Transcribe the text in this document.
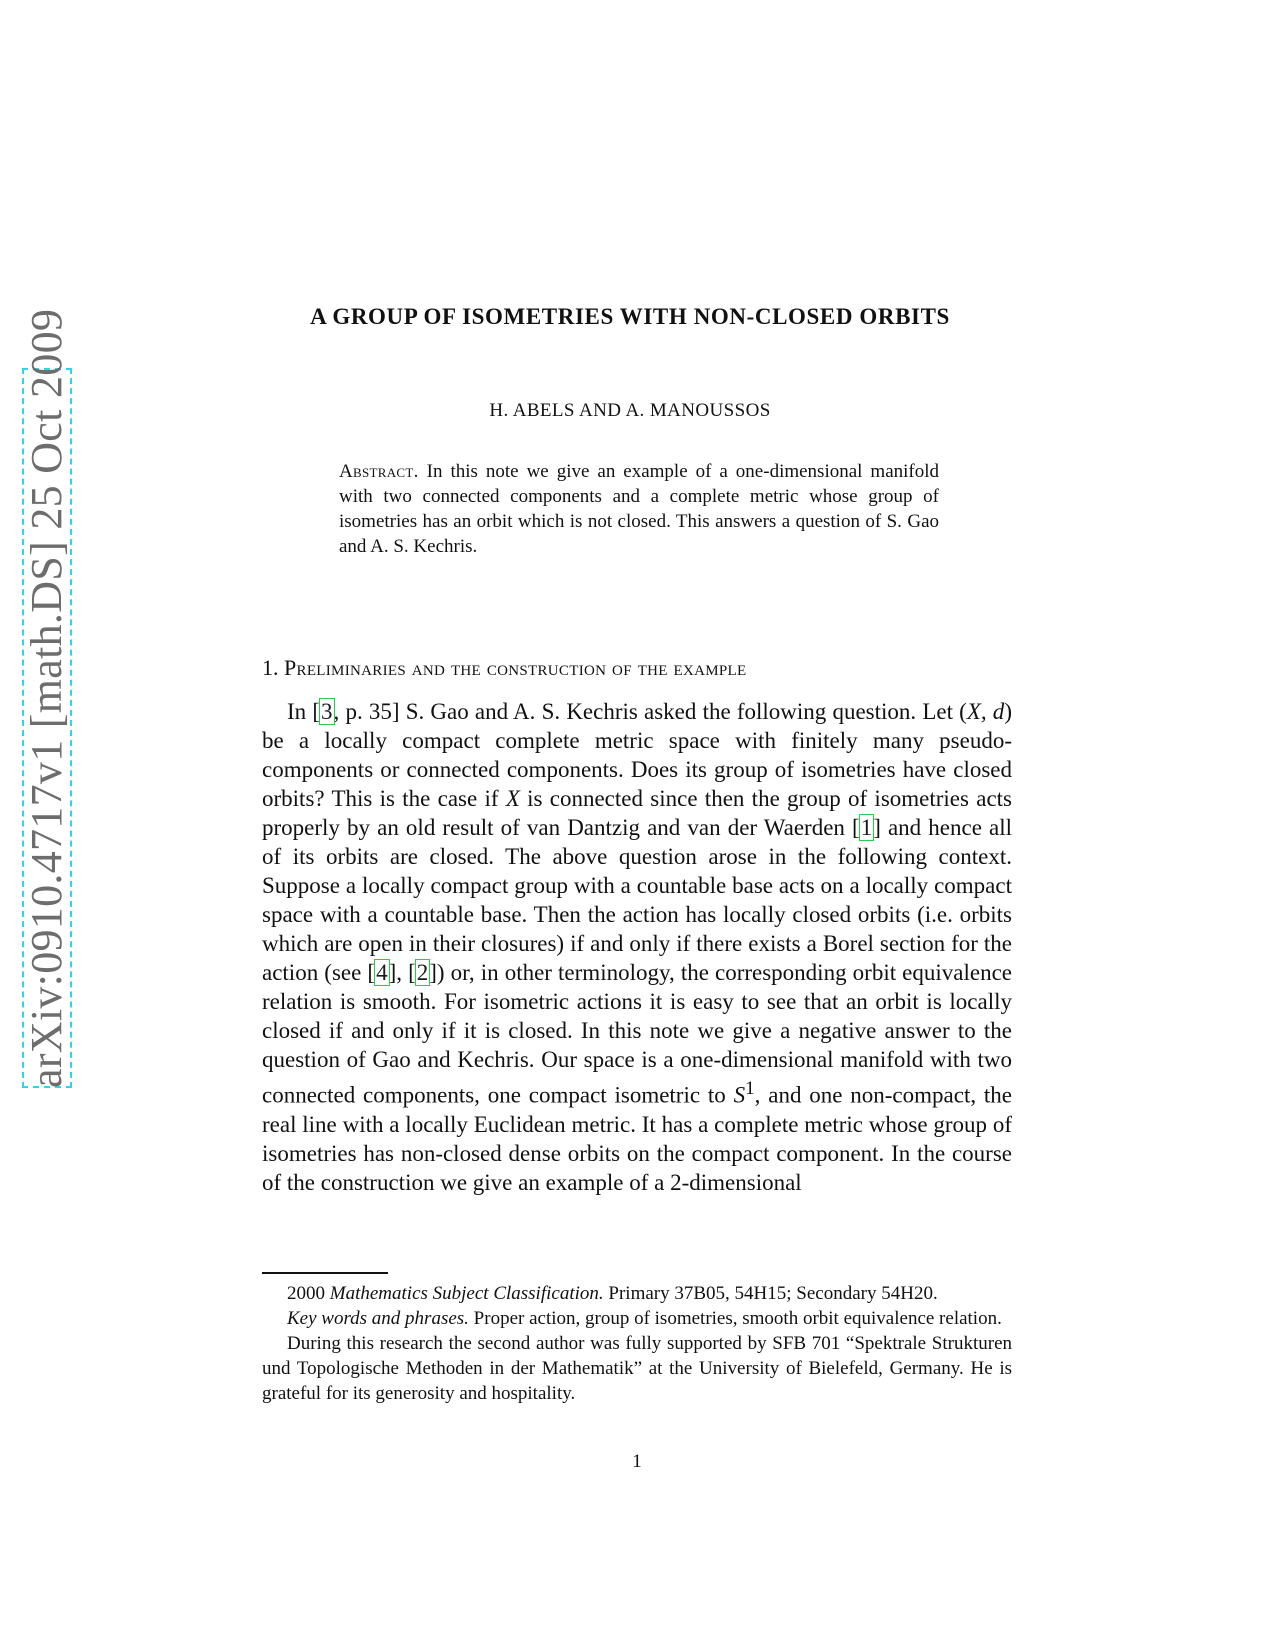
arXiv:0910.4717v1 [math.DS] 25 Oct 2009	A GROUP OF ISOMETRIES WITH NON-CLOSED ORBITS
H. ABELS AND A. MANOUSSOS
Abstract. In this note we give an example of a one-dimensional manifold with two connected components and a complete metric whose group of isometries has an orbit which is not closed. This answers a question of S. Gao and A. S. Kechris.
1. Preliminaries and the construction of the example
In [3, p. 35] S. Gao and A. S. Kechris asked the following question. Let (X, d) be a locally compact complete metric space with finitely many pseudo-components or connected components. Does its group of isometries have closed orbits? This is the case if X is connected since then the group of isometries acts properly by an old result of van Dantzig and van der Waerden [1] and hence all of its orbits are closed. The above question arose in the following context. Suppose a locally compact group with a countable base acts on a locally compact space with a countable base. Then the action has locally closed orbits (i.e. orbits which are open in their closures) if and only if there exists a Borel section for the action (see [4], [2]) or, in other terminology, the corresponding orbit equivalence relation is smooth. For isometric actions it is easy to see that an orbit is locally closed if and only if it is closed. In this note we give a negative answer to the question of Gao and Kechris. Our space is a one-dimensional manifold with two connected components, one compact isometric to $S^1$, and one non-compact, the real line with a locally Euclidean metric. It has a complete metric whose group of isometries has non-closed dense orbits on the compact component. In the course of the construction we give an example of a 2-dimensional

2000 Mathematics Subject Classification. Primary 37B05, 54H15; Secondary 54H20.

Key words and phrases. Proper action, group of isometries, smooth orbit equivalence relation.

During this research the second author was fully supported by SFB 701 “Spektrale Strukturen und Topologische Methoden in der Mathematik” at the University of Bielefeld, Germany. He is grateful for its generosity and hospitality.

1
